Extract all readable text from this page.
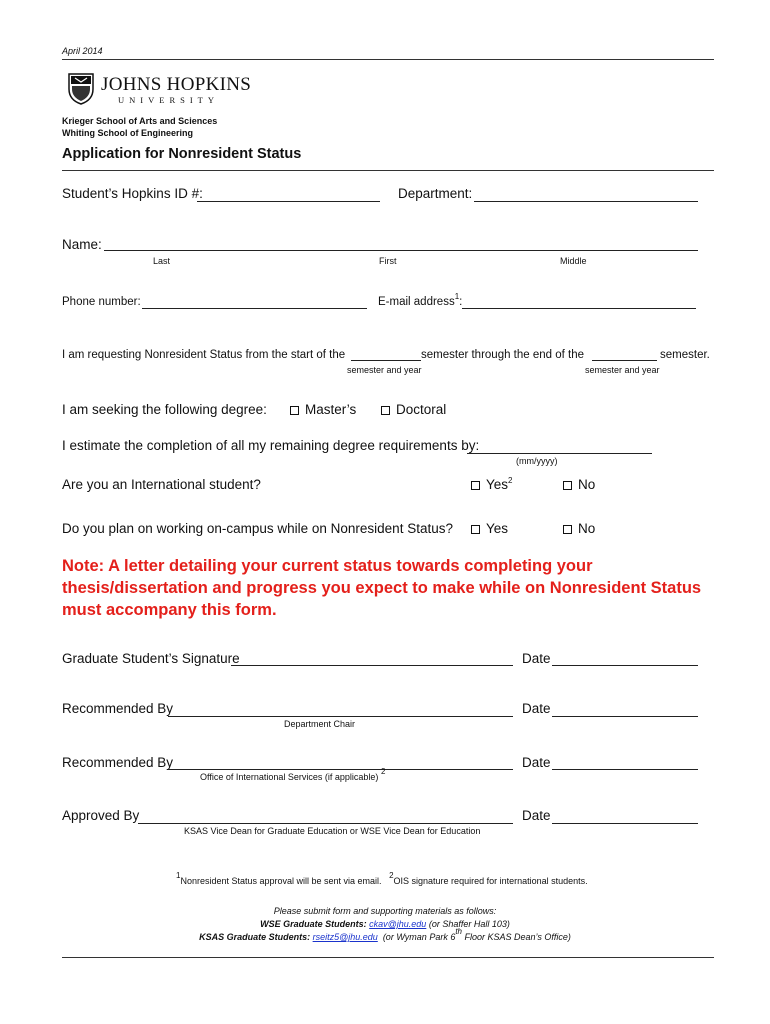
April 2014
JOHNS HOPKINS
UNIVERSITY
Krieger School of Arts and Sciences
Whiting School of Engineering
Application for Nonresident Status
Student’s Hopkins ID #:	Department:
Name:
Last	First	Middle
Phone number:	E-mail address$^1$:
I am requesting Nonresident Status from the start of the	semester through the end of the	semester.
semester and year	semester and year
I am seeking the following degree:	Master’s	Doctoral
I estimate the completion of all my remaining degree requirements by:
(mm/yyyy)
Are you an International student?	Yes$^2$	No
Do you plan on working on-campus while on Nonresident Status?	Yes	No
Note: A letter detailing your current status towards completing your thesis/dissertation and progress you expect to make while on Nonresident Status must accompany this form.
Graduate Student’s Signature	Date
Recommended By	Date
Department Chair
Recommended By	Date
Office of International Services (if applicable) $^2$
Approved By	Date
KSAS Vice Dean for Graduate Education or WSE Vice Dean for Education
$^1$Nonresident Status approval will be sent via email.   $^2$OIS signature required for international students.
Please submit form and supporting materials as follows:
WSE Graduate Students: ckav@jhu.edu (or Shaffer Hall 103)
KSAS Graduate Students: rseitz5@jhu.edu (or Wyman Park 6th Floor KSAS Dean’s Office)
